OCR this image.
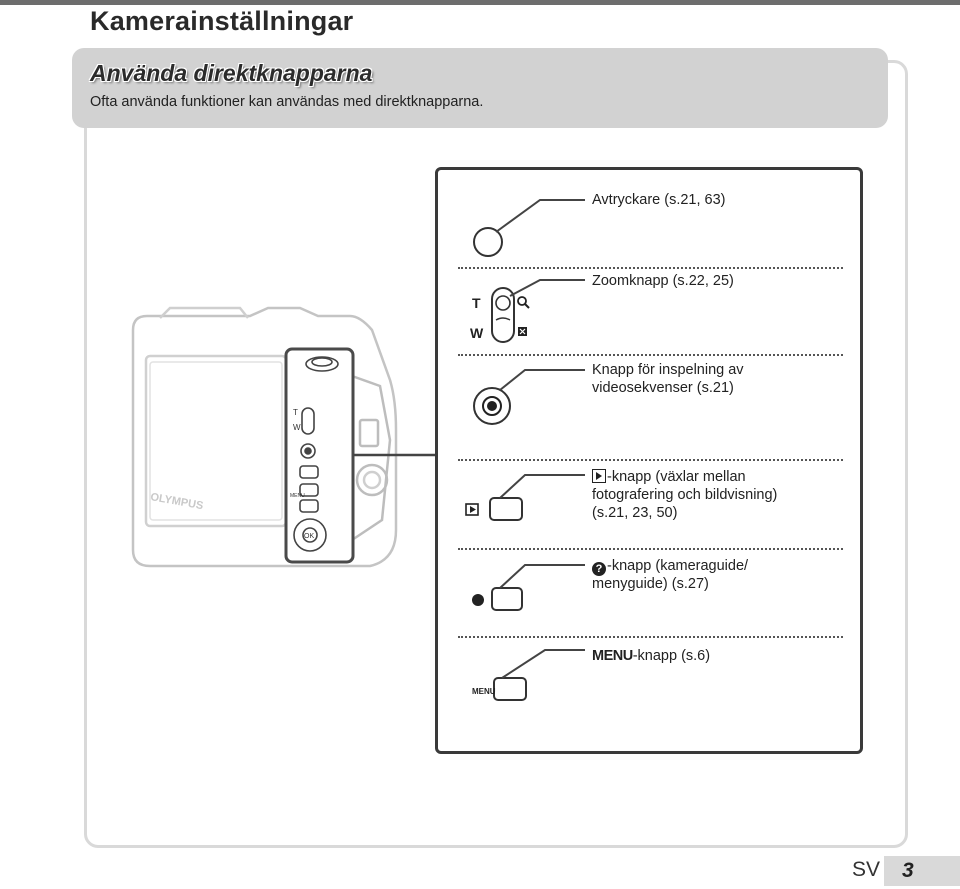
Kamerainställningar
Använda direktknapparna
Ofta använda funktioner kan användas med direktknapparna.
OLYMPUS
T
W
MENU
OK
Avtryckare (s.21, 63)
T
W
Zoomknapp (s.22, 25)
Knapp för inspelning av
videosekvenser (s.21)
-knapp (växlar mellan
fotografering och bildvisning)
(s.21, 23, 50)
? -knapp (kameraguide/
menyguide) (s.27)
MENU-knapp (s.6)
MENU
SV 3
